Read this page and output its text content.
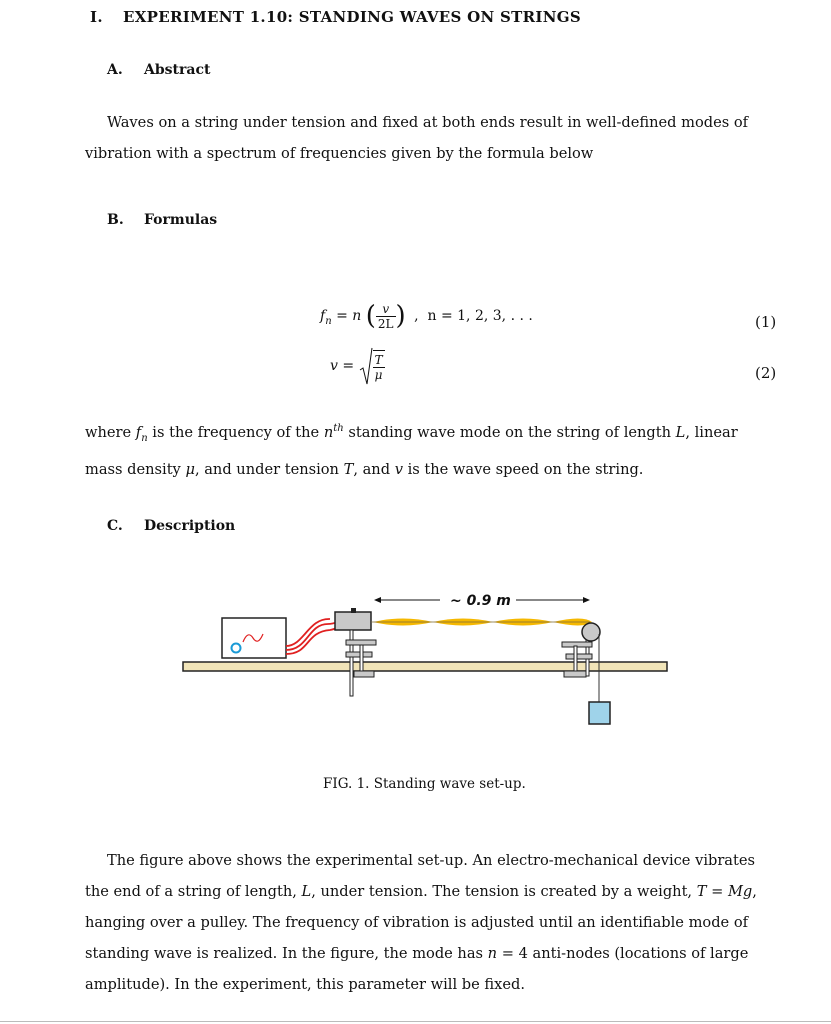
I. EXPERIMENT 1.10: STANDING WAVES ON STRINGS
A. Abstract
Waves on a string under tension and fixed at both ends result in well-defined modes of
vibration with a spectrum of frequencies given by the formula below
B. Formulas
$f_n = n$ ( $\frac{v}{2L}$ ) ,  n = 1, 2, 3, . . .	(1)
$v = \frac{T}{\mu}$	(2)
where $f_n$ is the frequency of the $n^{th}$ standing wave mode on the string of length L, linear
mass density μ, and under tension T, and v is the wave speed on the string.
C. Description
~ 0.9 m
FIG. 1. Standing wave set-up.
The figure above shows the experimental set-up. An electro-mechanical device vibrates
the end of a string of length, L, under tension. The tension is created by a weight, T = Mg,
hanging over a pulley. The frequency of vibration is adjusted until an identifiable mode of
standing wave is realized. In the figure, the mode has n = 4 anti-nodes (locations of large
amplitude). In the experiment, this parameter will be fixed.
